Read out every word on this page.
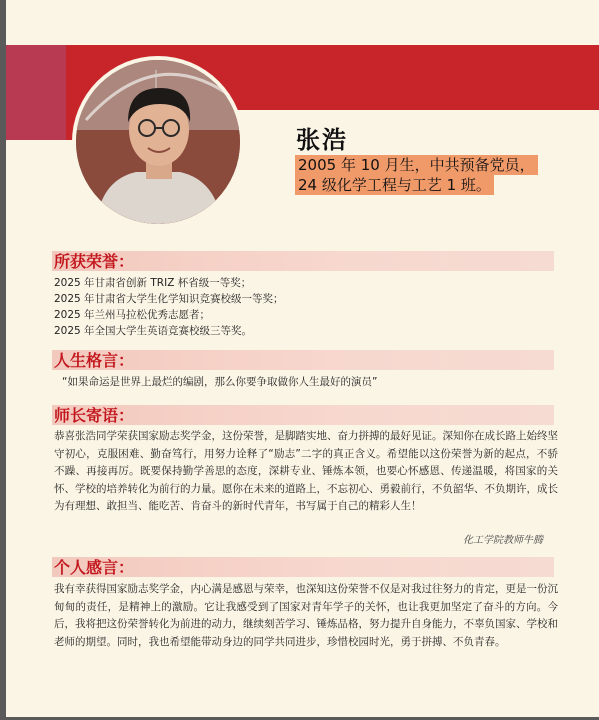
张浩
2005 年 10 月生，中共预备党员，
24 级化学工程与工艺 1 班。
所获荣誉：
2025 年甘肃省创新 TRIZ 杯省级一等奖；
2025 年甘肃省大学生化学知识竞赛校级一等奖；
2025 年兰州马拉松优秀志愿者；
2025 年全国大学生英语竞赛校级三等奖。
人生格言：
“如果命运是世界上最烂的编剧，那么你要争取做你人生最好的演员”
师长寄语：
恭喜张浩同学荣获国家励志奖学金，这份荣誉，是脚踏实地、奋力拼搏的最好见证。深知你在成长路上始终坚守初心，克服困难、勤奋笃行，用努力诠释了“励志”二字的真正含义。希望能以这份荣誉为新的起点，不骄不躁、再接再厉。既要保持勤学善思的态度，深耕专业、锤炼本领，也要心怀感恩、传递温暖，将国家的关怀、学校的培养转化为前行的力量。愿你在未来的道路上，不忘初心、勇毅前行，不负韶华、不负期许，成长为有理想、敢担当、能吃苦、肯奋斗的新时代青年，书写属于自己的精彩人生！
化工学院教师牛腾
个人感言：
我有幸获得国家励志奖学金，内心满是感恩与荣幸，也深知这份荣誉不仅是对我过往努力的肯定，更是一份沉甸甸的责任，是精神上的激励。它让我感受到了国家对青年学子的关怀，也让我更加坚定了奋斗的方向。今后，我将把这份荣誉转化为前进的动力，继续刻苦学习、锤炼品格，努力提升自身能力，不辜负国家、学校和老师的期望。同时，我也希望能带动身边的同学共同进步，珍惜校园时光，勇于拼搏、不负青春。
